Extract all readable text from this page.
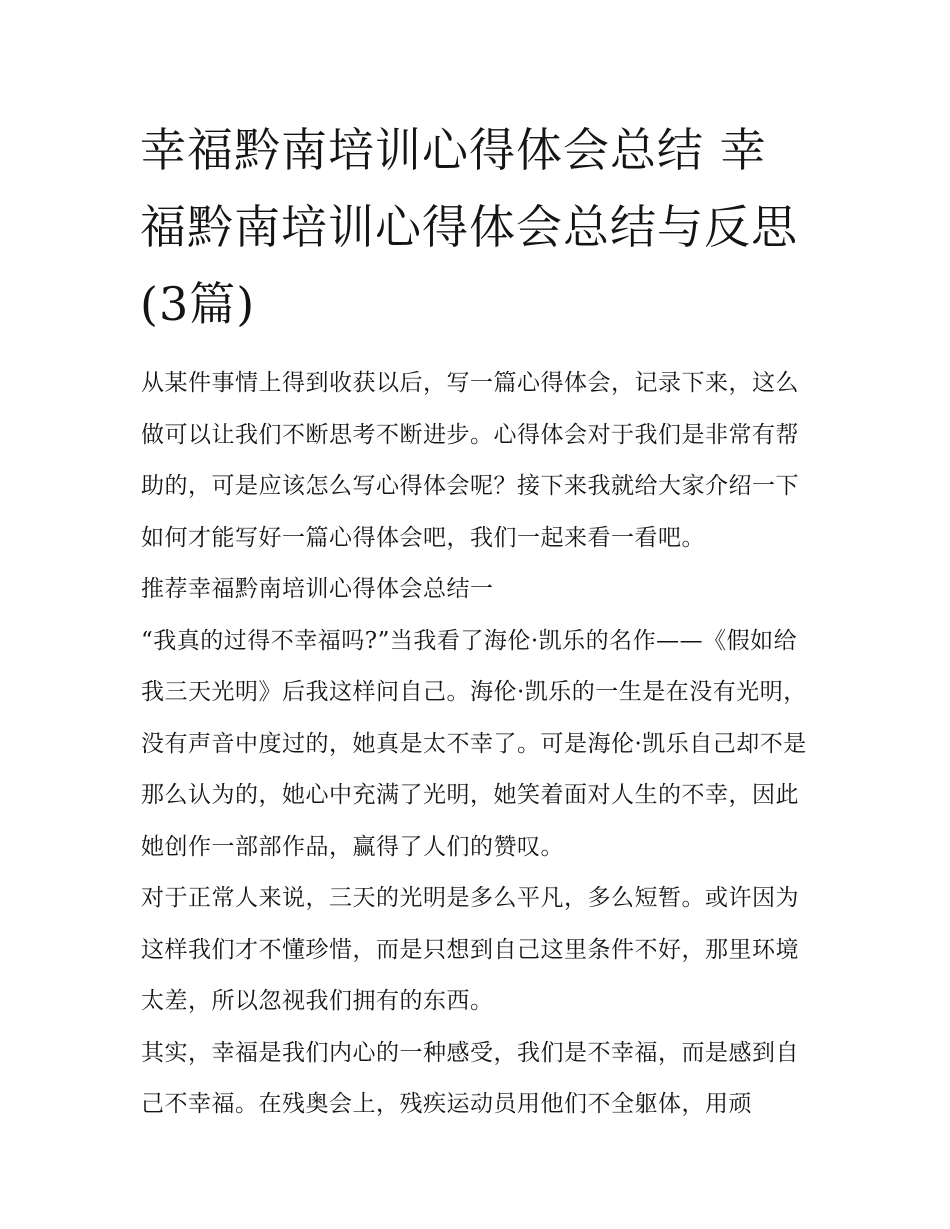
幸福黔南培训心得体会总结 幸福黔南培训心得体会总结与反思(3篇)

从某件事情上得到收获以后，写一篇心得体会，记录下来，这么做可以让我们不断思考不断进步。心得体会对于我们是非常有帮助的，可是应该怎么写心得体会呢？接下来我就给大家介绍一下如何才能写好一篇心得体会吧，我们一起来看一看吧。

推荐幸福黔南培训心得体会总结一

“我真的过得不幸福吗?”当我看了海伦·凯乐的名作——《假如给我三天光明》后我这样问自己。海伦·凯乐的一生是在没有光明，没有声音中度过的，她真是太不幸了。可是海伦·凯乐自己却不是那么认为的，她心中充满了光明，她笑着面对人生的不幸，因此她创作一部部作品，赢得了人们的赞叹。

对于正常人来说，三天的光明是多么平凡，多么短暂。或许因为这样我们才不懂珍惜，而是只想到自己这里条件不好，那里环境太差，所以忽视我们拥有的东西。

其实，幸福是我们内心的一种感受，我们是不幸福，而是感到自己不幸福。在残奥会上，残疾运动员用他们不全躯体，用顽
